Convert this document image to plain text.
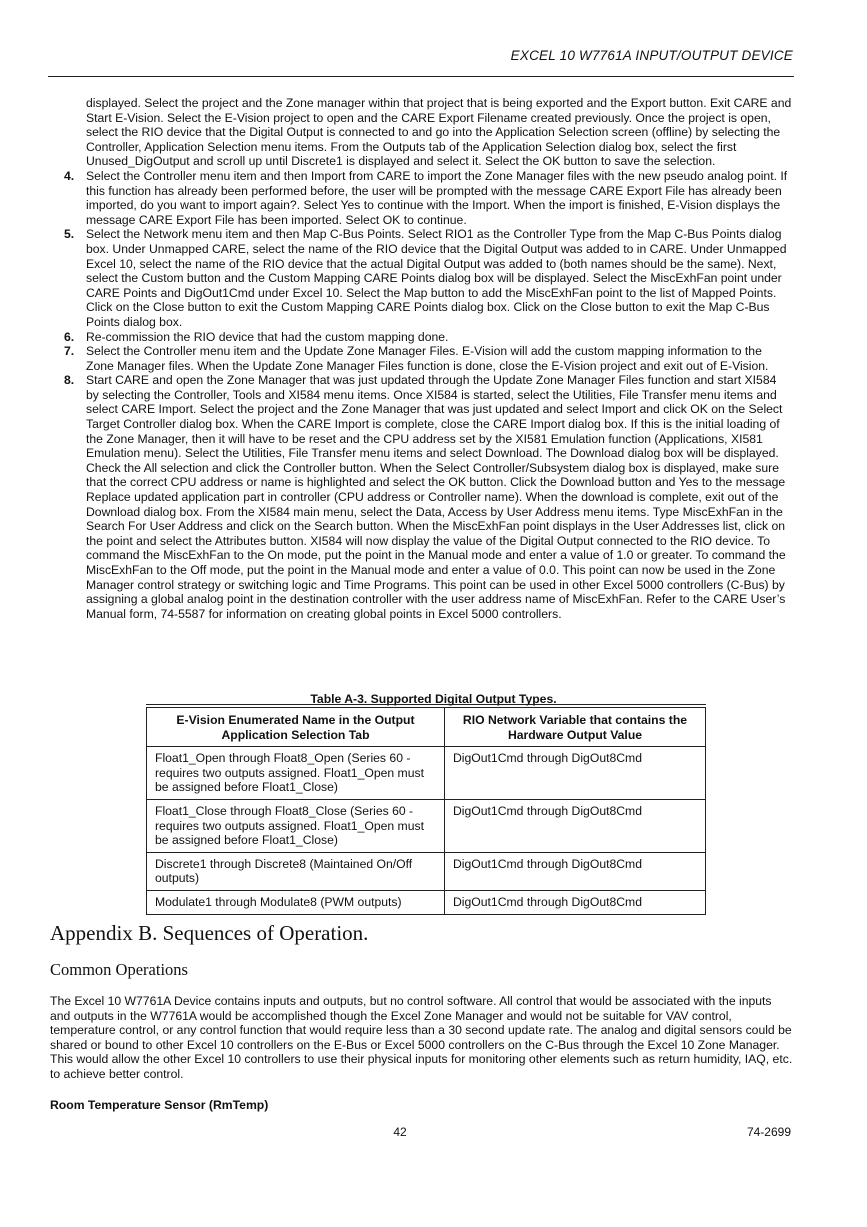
EXCEL 10 W7761A INPUT/OUTPUT DEVICE
displayed. Select the project and the Zone manager within that project that is being exported and the Export button. Exit CARE and Start E-Vision. Select the E-Vision project to open and the CARE Export Filename created previously. Once the project is open, select the RIO device that the Digital Output is connected to and go into the Application Selection screen (offline) by selecting the Controller, Application Selection menu items. From the Outputs tab of the Application Selection dialog box, select the first Unused_DigOutput and scroll up until Discrete1 is displayed and select it. Select the OK button to save the selection.
4. Select the Controller menu item and then Import from CARE to import the Zone Manager files with the new pseudo analog point. If this function has already been performed before, the user will be prompted with the message CARE Export File has already been imported, do you want to import again?. Select Yes to continue with the Import. When the import is finished, E-Vision displays the message CARE Export File has been imported. Select OK to continue.
5. Select the Network menu item and then Map C-Bus Points. Select RIO1 as the Controller Type from the Map C-Bus Points dialog box. Under Unmapped CARE, select the name of the RIO device that the Digital Output was added to in CARE. Under Unmapped Excel 10, select the name of the RIO device that the actual Digital Output was added to (both names should be the same). Next, select the Custom button and the Custom Mapping CARE Points dialog box will be displayed. Select the MiscExhFan point under CARE Points and DigOut1Cmd under Excel 10. Select the Map button to add the MiscExhFan point to the list of Mapped Points. Click on the Close button to exit the Custom Mapping CARE Points dialog box. Click on the Close button to exit the Map C-Bus Points dialog box.
6. Re-commission the RIO device that had the custom mapping done.
7. Select the Controller menu item and the Update Zone Manager Files. E-Vision will add the custom mapping information to the Zone Manager files. When the Update Zone Manager Files function is done, close the E-Vision project and exit out of E-Vision.
8. Start CARE and open the Zone Manager that was just updated through the Update Zone Manager Files function and start XI584 by selecting the Controller, Tools and XI584 menu items. Once XI584 is started, select the Utilities, File Transfer menu items and select CARE Import. Select the project and the Zone Manager that was just updated and select Import and click OK on the Select Target Controller dialog box. When the CARE Import is complete, close the CARE Import dialog box. If this is the initial loading of the Zone Manager, then it will have to be reset and the CPU address set by the XI581 Emulation function (Applications, XI581 Emulation menu). Select the Utilities, File Transfer menu items and select Download. The Download dialog box will be displayed. Check the All selection and click the Controller button. When the Select Controller/Subsystem dialog box is displayed, make sure that the correct CPU address or name is highlighted and select the OK button. Click the Download button and Yes to the message Replace updated application part in controller (CPU address or Controller name). When the download is complete, exit out of the Download dialog box. From the XI584 main menu, select the Data, Access by User Address menu items. Type MiscExhFan in the Search For User Address and click on the Search button. When the MiscExhFan point displays in the User Addresses list, click on the point and select the Attributes button. XI584 will now display the value of the Digital Output connected to the RIO device. To command the MiscExhFan to the On mode, put the point in the Manual mode and enter a value of 1.0 or greater. To command the MiscExhFan to the Off mode, put the point in the Manual mode and enter a value of 0.0. This point can now be used in the Zone Manager control strategy or switching logic and Time Programs. This point can be used in other Excel 5000 controllers (C-Bus) by assigning a global analog point in the destination controller with the user address name of MiscExhFan. Refer to the CARE User’s Manual form, 74-5587 for information on creating global points in Excel 5000 controllers.
Table A-3. Supported Digital Output Types.
E-Vision Enumerated Name in the Output Application Selection Tab	RIO Network Variable that contains the Hardware Output Value
Float1_Open through Float8_Open (Series 60 - requires two outputs assigned. Float1_Open must be assigned before Float1_Close)	DigOut1Cmd through DigOut8Cmd
Float1_Close through Float8_Close (Series 60 - requires two outputs assigned. Float1_Open must be assigned before Float1_Close)	DigOut1Cmd through DigOut8Cmd
Discrete1 through Discrete8 (Maintained On/Off outputs)	DigOut1Cmd through DigOut8Cmd
Modulate1 through Modulate8 (PWM outputs)	DigOut1Cmd through DigOut8Cmd
Appendix B. Sequences of Operation.
Common Operations
The Excel 10 W7761A Device contains inputs and outputs, but no control software. All control that would be associated with the inputs and outputs in the W7761A would be accomplished though the Excel Zone Manager and would not be suitable for VAV control, temperature control, or any control function that would require less than a 30 second update rate. The analog and digital sensors could be shared or bound to other Excel 10 controllers on the E-Bus or Excel 5000 controllers on the C-Bus through the Excel 10 Zone Manager. This would allow the other Excel 10 controllers to use their physical inputs for monitoring other elements such as return humidity, IAQ, etc. to achieve better control.
Room Temperature Sensor (RmTemp)
42	74-2699
